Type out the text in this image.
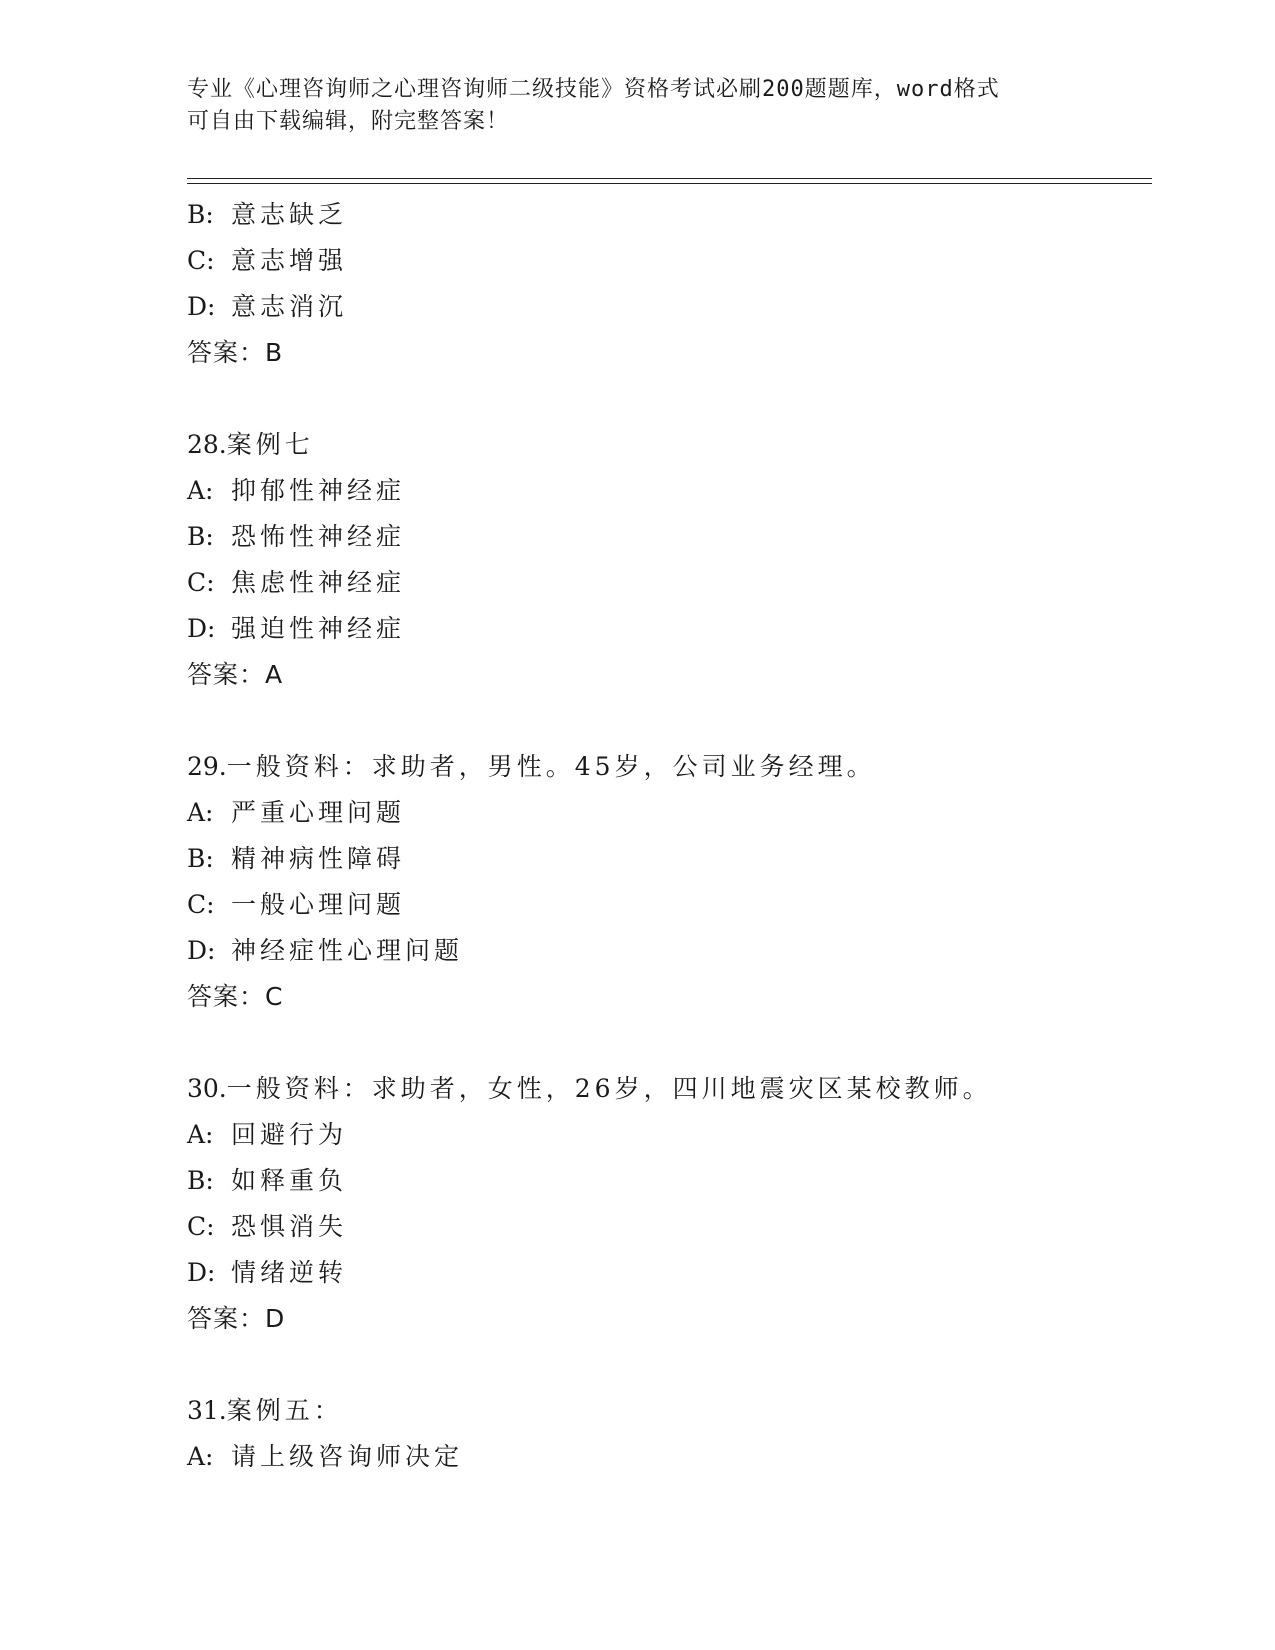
专业《心理咨询师之心理咨询师二级技能》资格考试必刷200题题库，word格式
可自由下载编辑，附完整答案！
B: 意志缺乏
C: 意志增强
D: 意志消沉
答案：B
28.案例七
A: 抑郁性神经症
B: 恐怖性神经症
C: 焦虑性神经症
D: 强迫性神经症
答案：A
29.一般资料：求助者，男性。45岁，公司业务经理。
A: 严重心理问题
B: 精神病性障碍
C: 一般心理问题
D: 神经症性心理问题
答案：C
30.一般资料：求助者，女性，26岁，四川地震灾区某校教师。
A: 回避行为
B: 如释重负
C: 恐惧消失
D: 情绪逆转
答案：D
31.案例五：
A: 请上级咨询师决定
